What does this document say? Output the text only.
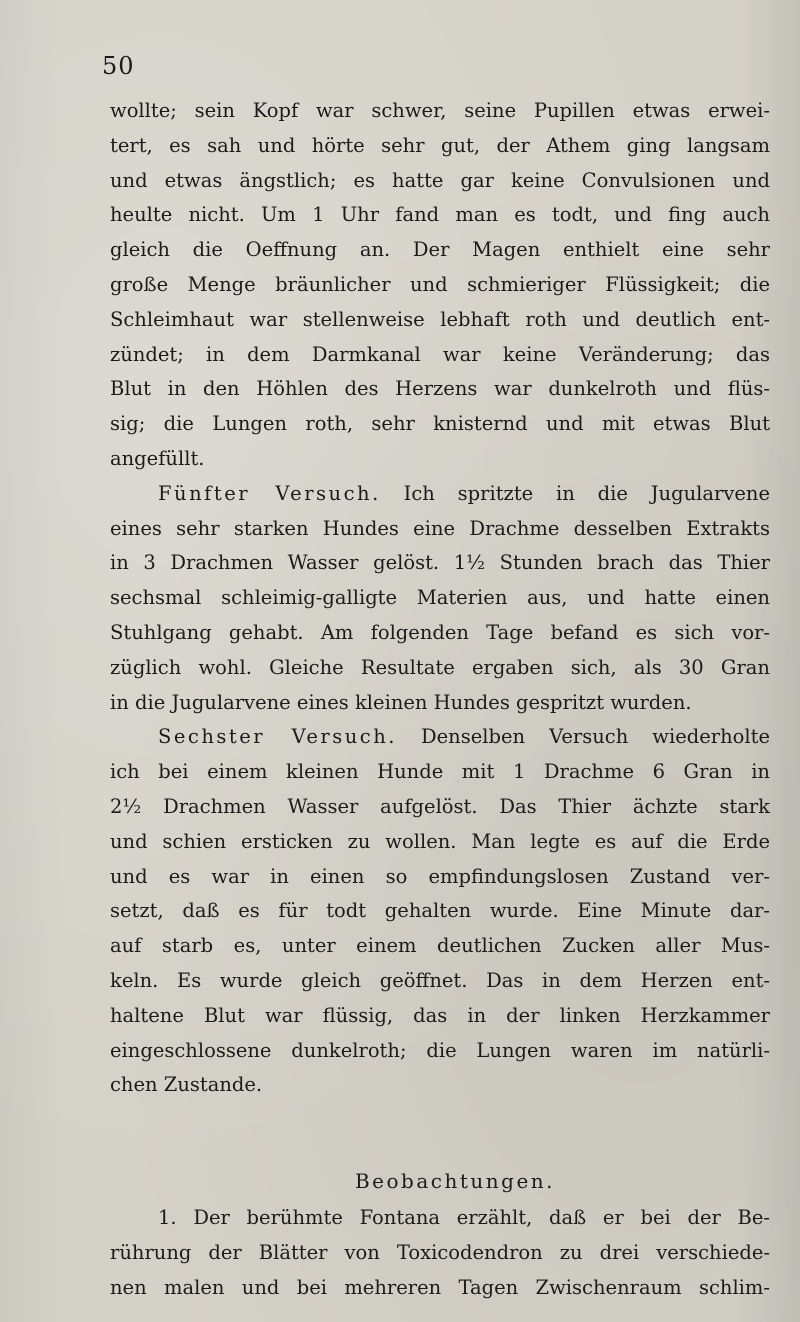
50
wollte; sein Kopf war schwer, seine Pupillen etwas erwei-
tert, es sah und hörte sehr gut, der Athem ging langsam
und etwas ängstlich; es hatte gar keine Convulsionen und
heulte nicht. Um 1 Uhr fand man es todt, und fing auch
gleich die Oeffnung an. Der Magen enthielt eine sehr
große Menge bräunlicher und schmieriger Flüssigkeit; die
Schleimhaut war stellenweise lebhaft roth und deutlich ent-
zündet; in dem Darmkanal war keine Veränderung; das
Blut in den Höhlen des Herzens war dunkelroth und flüs-
sig; die Lungen roth, sehr knisternd und mit etwas Blut
angefüllt.
Fünfter Versuch. Ich spritzte in die Jugularvene
eines sehr starken Hundes eine Drachme desselben Extrakts
in 3 Drachmen Wasser gelöst. 1½ Stunden brach das Thier
sechsmal schleimig-galligte Materien aus, und hatte einen
Stuhlgang gehabt. Am folgenden Tage befand es sich vor-
züglich wohl. Gleiche Resultate ergaben sich, als 30 Gran
in die Jugularvene eines kleinen Hundes gespritzt wurden.
Sechster Versuch. Denselben Versuch wiederholte
ich bei einem kleinen Hunde mit 1 Drachme 6 Gran in
2½ Drachmen Wasser aufgelöst. Das Thier ächzte stark
und schien ersticken zu wollen. Man legte es auf die Erde
und es war in einen so empfindungslosen Zustand ver-
setzt, daß es für todt gehalten wurde. Eine Minute dar-
auf starb es, unter einem deutlichen Zucken aller Mus-
keln. Es wurde gleich geöffnet. Das in dem Herzen ent-
haltene Blut war flüssig, das in der linken Herzkammer
eingeschlossene dunkelroth; die Lungen waren im natürli-
chen Zustande.
Beobachtungen.
1. Der berühmte Fontana erzählt, daß er bei der Be-
rührung der Blätter von Toxicodendron zu drei verschiede-
nen malen und bei mehreren Tagen Zwischenraum schlim-
